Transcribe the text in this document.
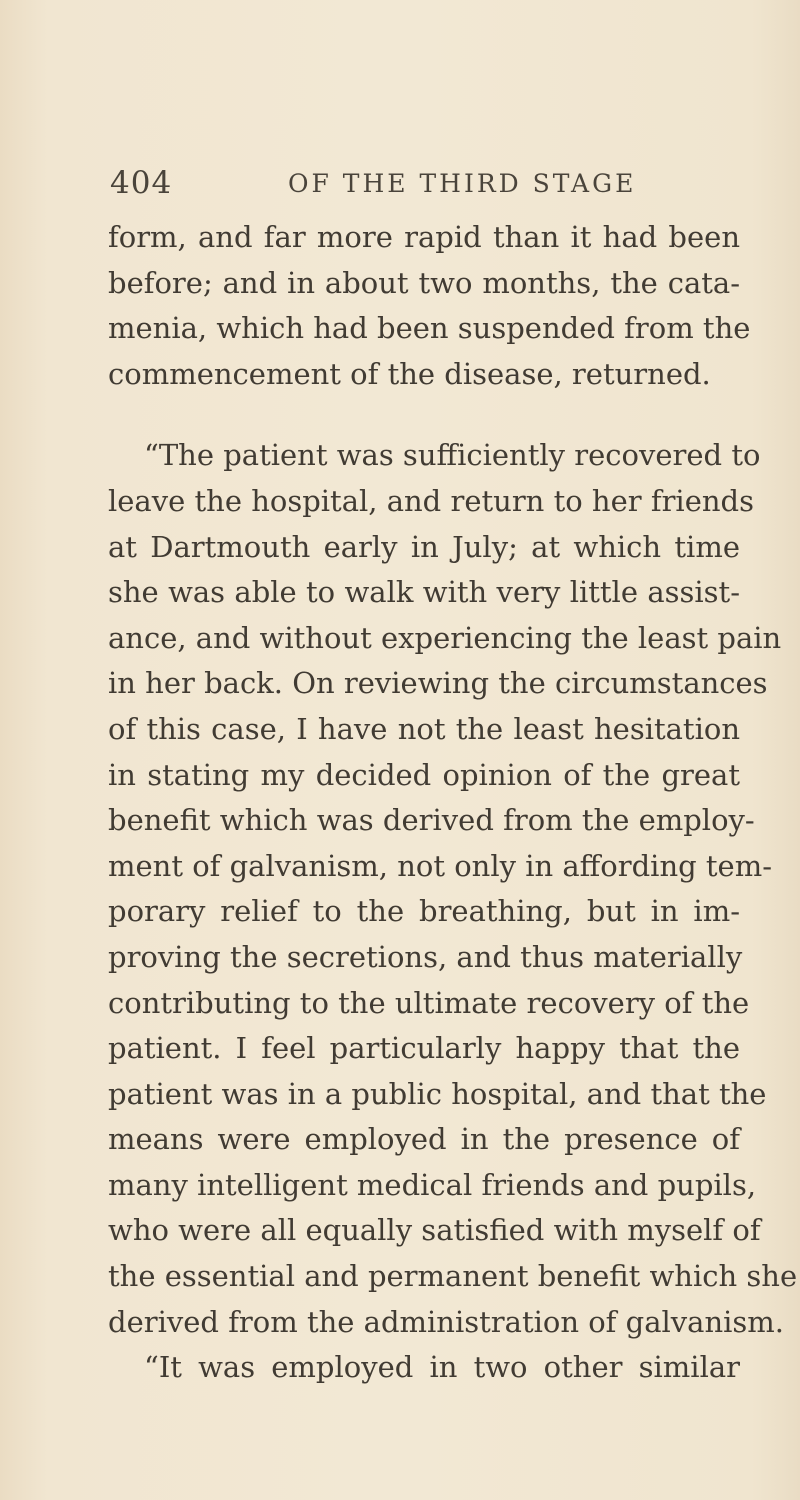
404	OF THE THIRD STAGE
form, and far more rapid than it had been
before; and in about two months, the cata-
menia, which had been suspended from the
commencement of the disease, returned.
“The patient was sufficiently recovered to
leave the hospital, and return to her friends
at Dartmouth early in July; at which time
she was able to walk with very little assist-
ance, and without experiencing the least pain
in her back. On reviewing the circumstances
of this case, I have not the least hesitation
in stating my decided opinion of the great
benefit which was derived from the employ-
ment of galvanism, not only in affording tem-
porary relief to the breathing, but in im-
proving the secretions, and thus materially
contributing to the ultimate recovery of the
patient. I feel particularly happy that the
patient was in a public hospital, and that the
means were employed in the presence of
many intelligent medical friends and pupils,
who were all equally satisfied with myself of
the essential and permanent benefit which she
derived from the administration of galvanism.
“It was employed in two other similar
